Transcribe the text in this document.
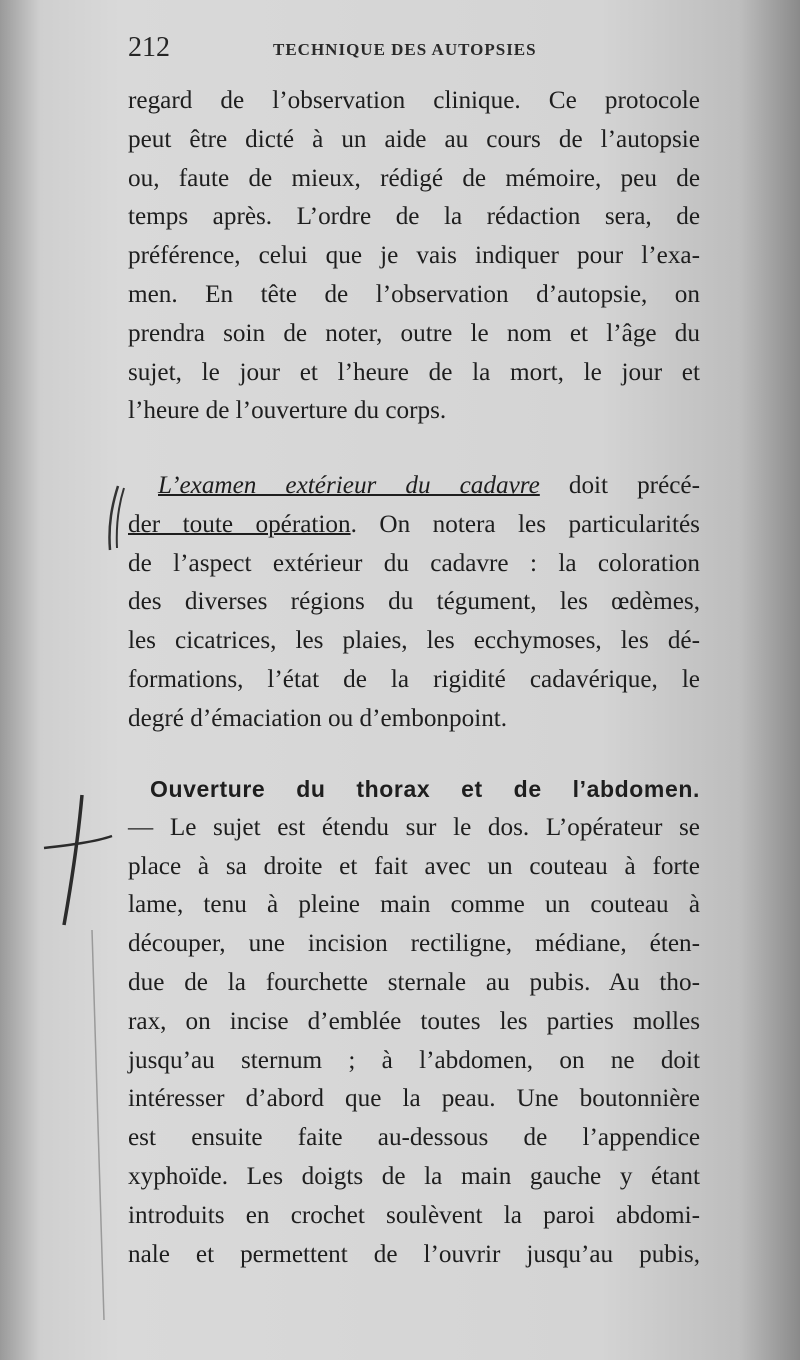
212	TECHNIQUE DES AUTOPSIES
regard de l’observation clinique. Ce protocole
peut être dicté à un aide au cours de l’autopsie
ou, faute de mieux, rédigé de mémoire, peu de
temps après. L’ordre de la rédaction sera, de
préférence, celui que je vais indiquer pour l’exa-
men. En tête de l’observation d’autopsie, on
prendra soin de noter, outre le nom et l’âge du
sujet, le jour et l’heure de la mort, le jour et
l’heure de l’ouverture du corps.
L’examen extérieur du cadavre doit précé-
der toute opération. On notera les particularités
de l’aspect extérieur du cadavre : la coloration
des diverses régions du tégument, les œdèmes,
les cicatrices, les plaies, les ecchymoses, les dé-
formations, l’état de la rigidité cadavérique, le
degré d’émaciation ou d’embonpoint.
Ouverture du thorax et de l’abdomen.
— Le sujet est étendu sur le dos. L’opérateur se
place à sa droite et fait avec un couteau à forte
lame, tenu à pleine main comme un couteau à
découper, une incision rectiligne, médiane, éten-
due de la fourchette sternale au pubis. Au tho-
rax, on incise d’emblée toutes les parties molles
jusqu’au sternum ; à l’abdomen, on ne doit
intéresser d’abord que la peau. Une boutonnière
est ensuite faite au-dessous de l’appendice
xyphoïde. Les doigts de la main gauche y étant
introduits en crochet soulèvent la paroi abdomi-
nale et permettent de l’ouvrir jusqu’au pubis,
